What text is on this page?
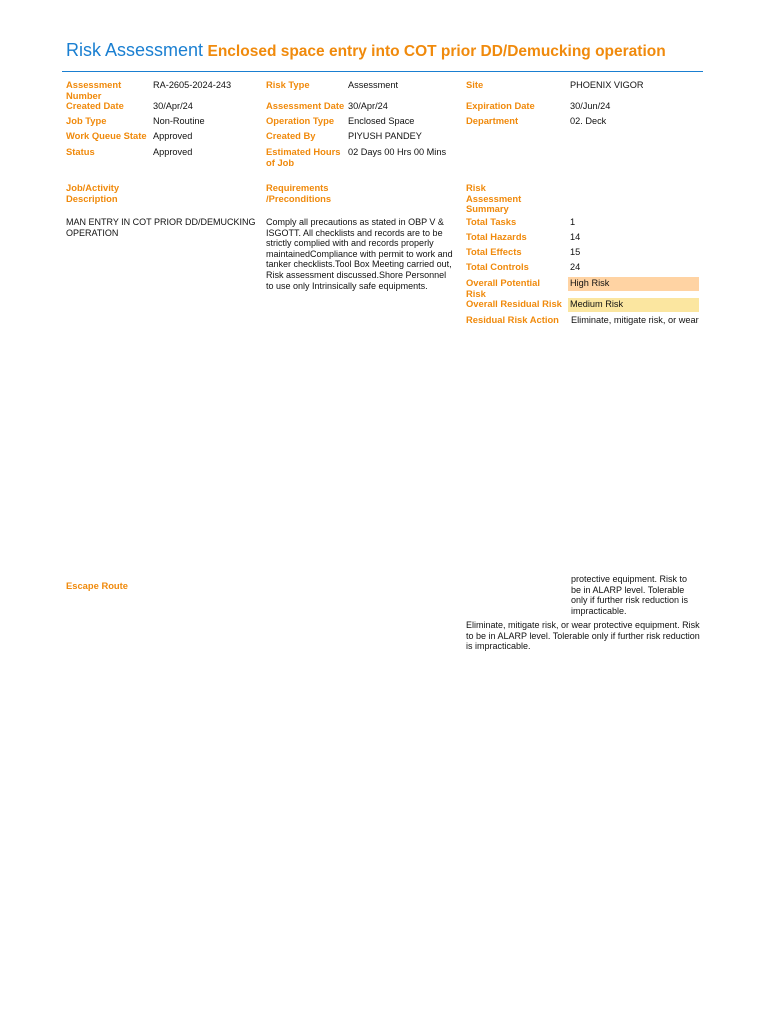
Risk Assessment Enclosed space entry into COT prior DD/Demucking operation
Assessment Number
RA-2605-2024-243
Created Date	30/Apr/24
Job Type	Non-Routine
Work Queue State Approved
Status	Approved
Risk Type	Assessment
Assessment Date 30/Apr/24
Operation Type Enclosed Space
Created By	PIYUSH PANDEY
Estimated Hours of Job
02 Days 00 Hrs 00 Mins
Site	PHOENIX VIGOR
Expiration Date	30/Jun/24
Department	02. Deck
Job/Activity Description
MAN ENTRY IN COT PRIOR DD/DEMUCKING OPERATION
Requirements /Preconditions
Comply all precautions as stated in OBP V & ISGOTT. All checklists and records are to be strictly complied with and records properly maintainedCompliance with permit to work and tanker checklists.Tool Box Meeting carried out, Risk assessment discussed.Shore Personnel to use only Intrinsically safe equipments.
Risk Assessment Summary
Total Tasks	1
Total Hazards	14
Total Effects	15
Total Controls	24
Overall Potential Risk
High Risk
Overall Residual Risk Medium Risk
Residual Risk Action Eliminate, mitigate risk, or wear
Escape Route
protective equipment. Risk to be in ALARP level. Tolerable only if further risk reduction is impracticable.
Eliminate, mitigate risk, or wear protective equipment. Risk to be in ALARP level. Tolerable only if further risk reduction is impracticable.
